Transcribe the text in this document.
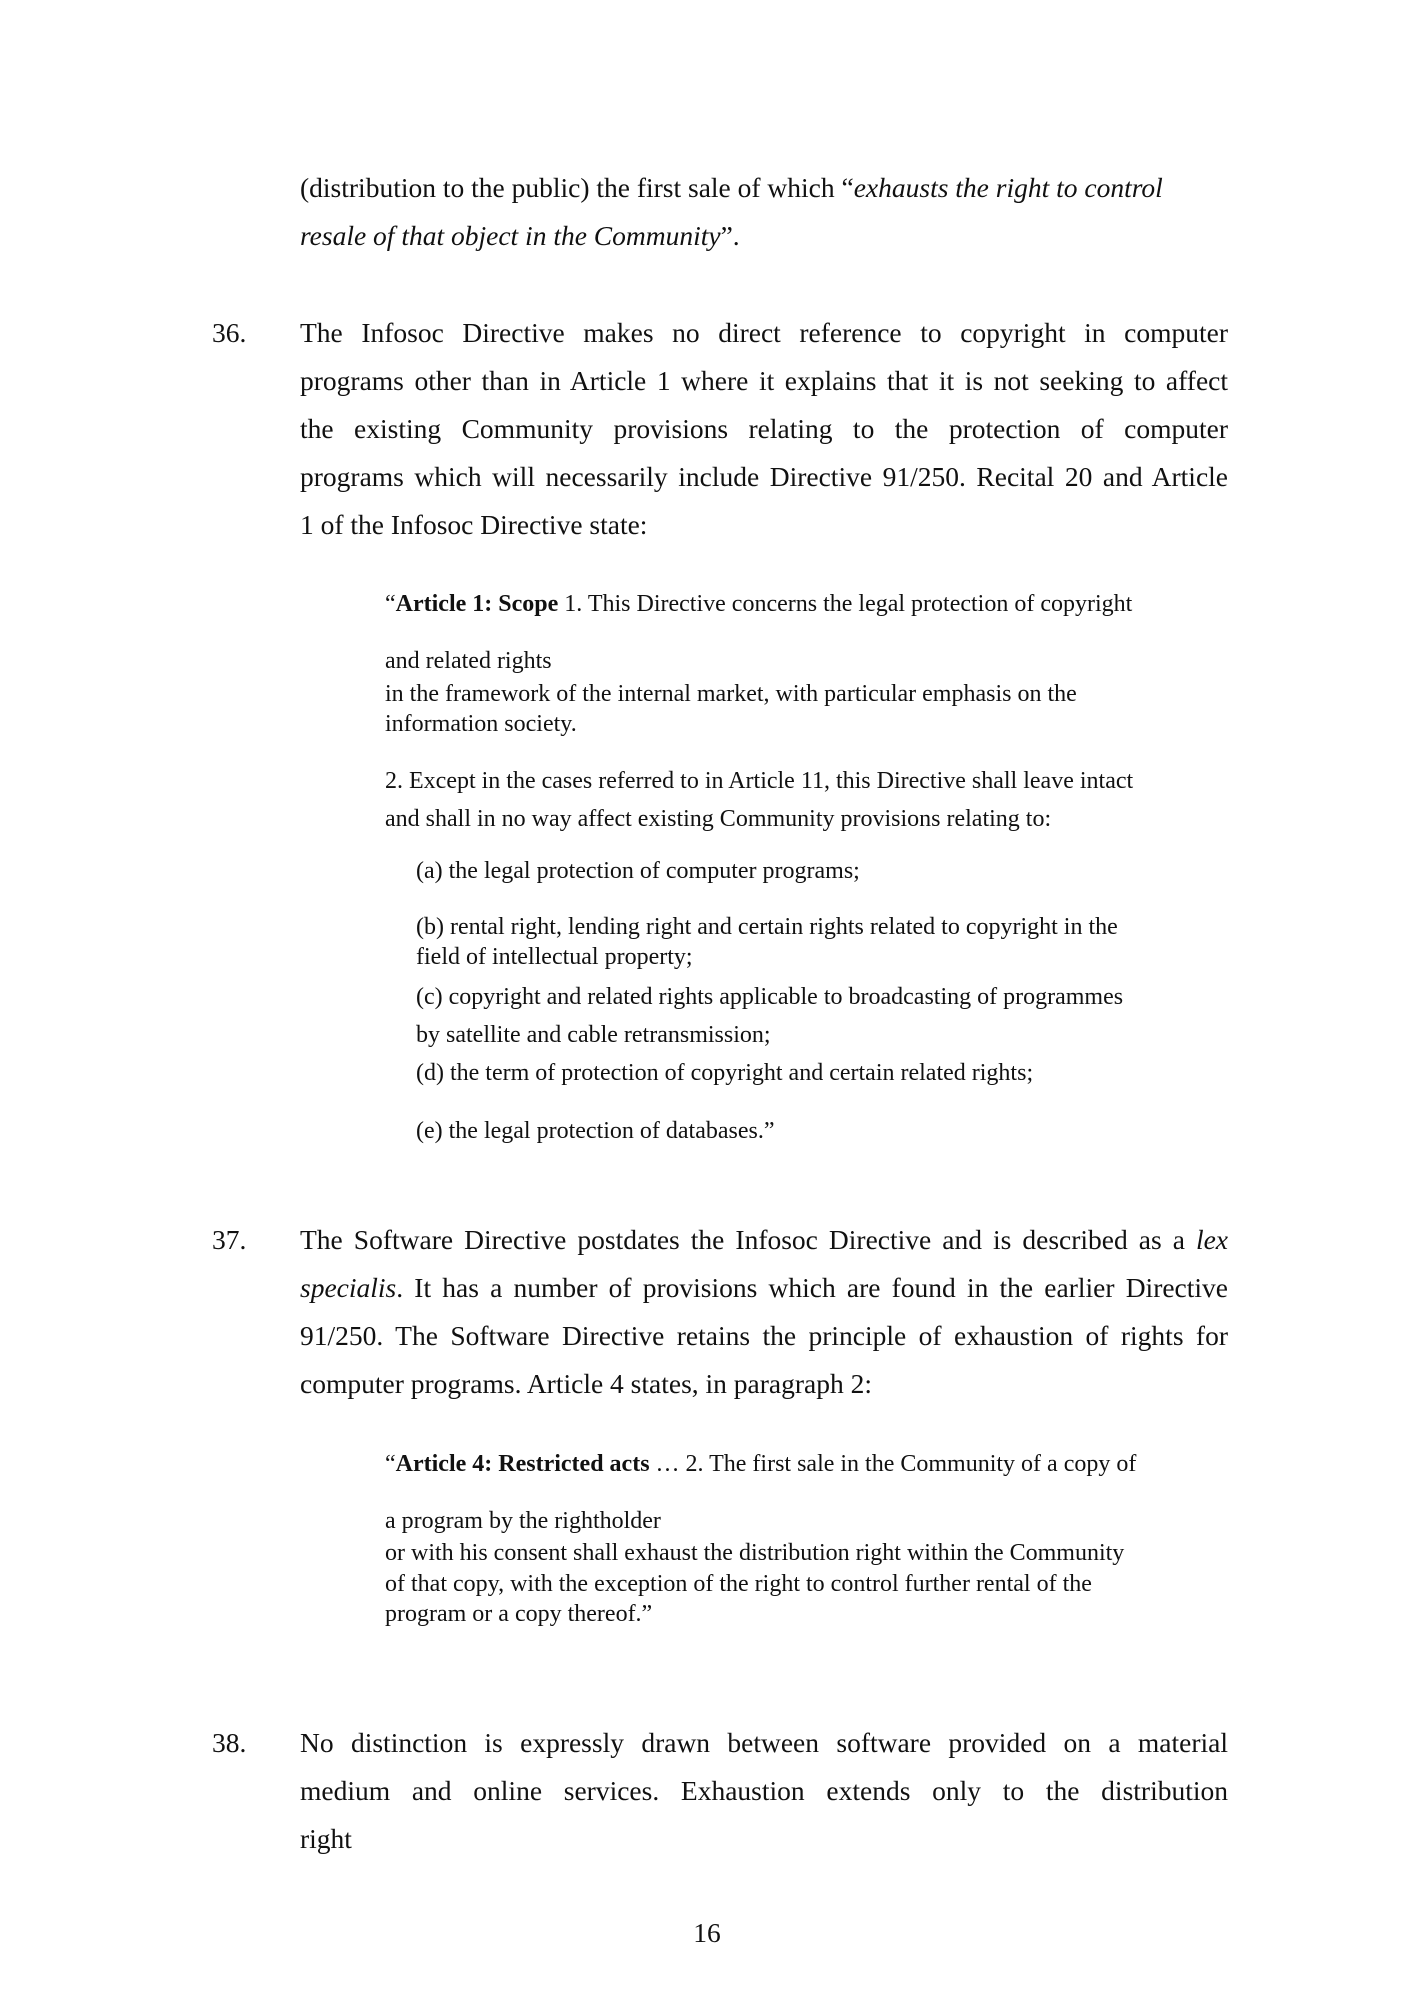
(distribution to the public) the first sale of which “exhausts the right to control
resale of that object in the Community”.
36. The Infosoc Directive makes no direct reference to copyright in computer
programs other than in Article 1 where it explains that it is not seeking to affect
the existing Community provisions relating to the protection of computer
programs which will necessarily include Directive 91/250. Recital 20 and Article
1 of the Infosoc Directive state:
“Article 1: Scope 1. This Directive concerns the legal protection of copyright
and related rights
in the framework of the internal market, with particular emphasis on the
information society.
2. Except in the cases referred to in Article 11, this Directive shall leave intact
and shall in no way affect existing Community provisions relating to:
(a) the legal protection of computer programs;
(b) rental right, lending right and certain rights related to copyright in the
field of intellectual property;
(c) copyright and related rights applicable to broadcasting of programmes
by satellite and cable retransmission;
(d) the term of protection of copyright and certain related rights;
(e) the legal protection of databases.”
37. The Software Directive postdates the Infosoc Directive and is described as a lex
specialis. It has a number of provisions which are found in the earlier Directive
91/250. The Software Directive retains the principle of exhaustion of rights for
computer programs. Article 4 states, in paragraph 2:
“Article 4: Restricted acts … 2. The first sale in the Community of a copy of
a program by the rightholder
or with his consent shall exhaust the distribution right within the Community
of that copy, with the exception of the right to control further rental of the
program or a copy thereof.”
38. No distinction is expressly drawn between software provided on a material
medium and online services. Exhaustion extends only to the distribution
right
16
